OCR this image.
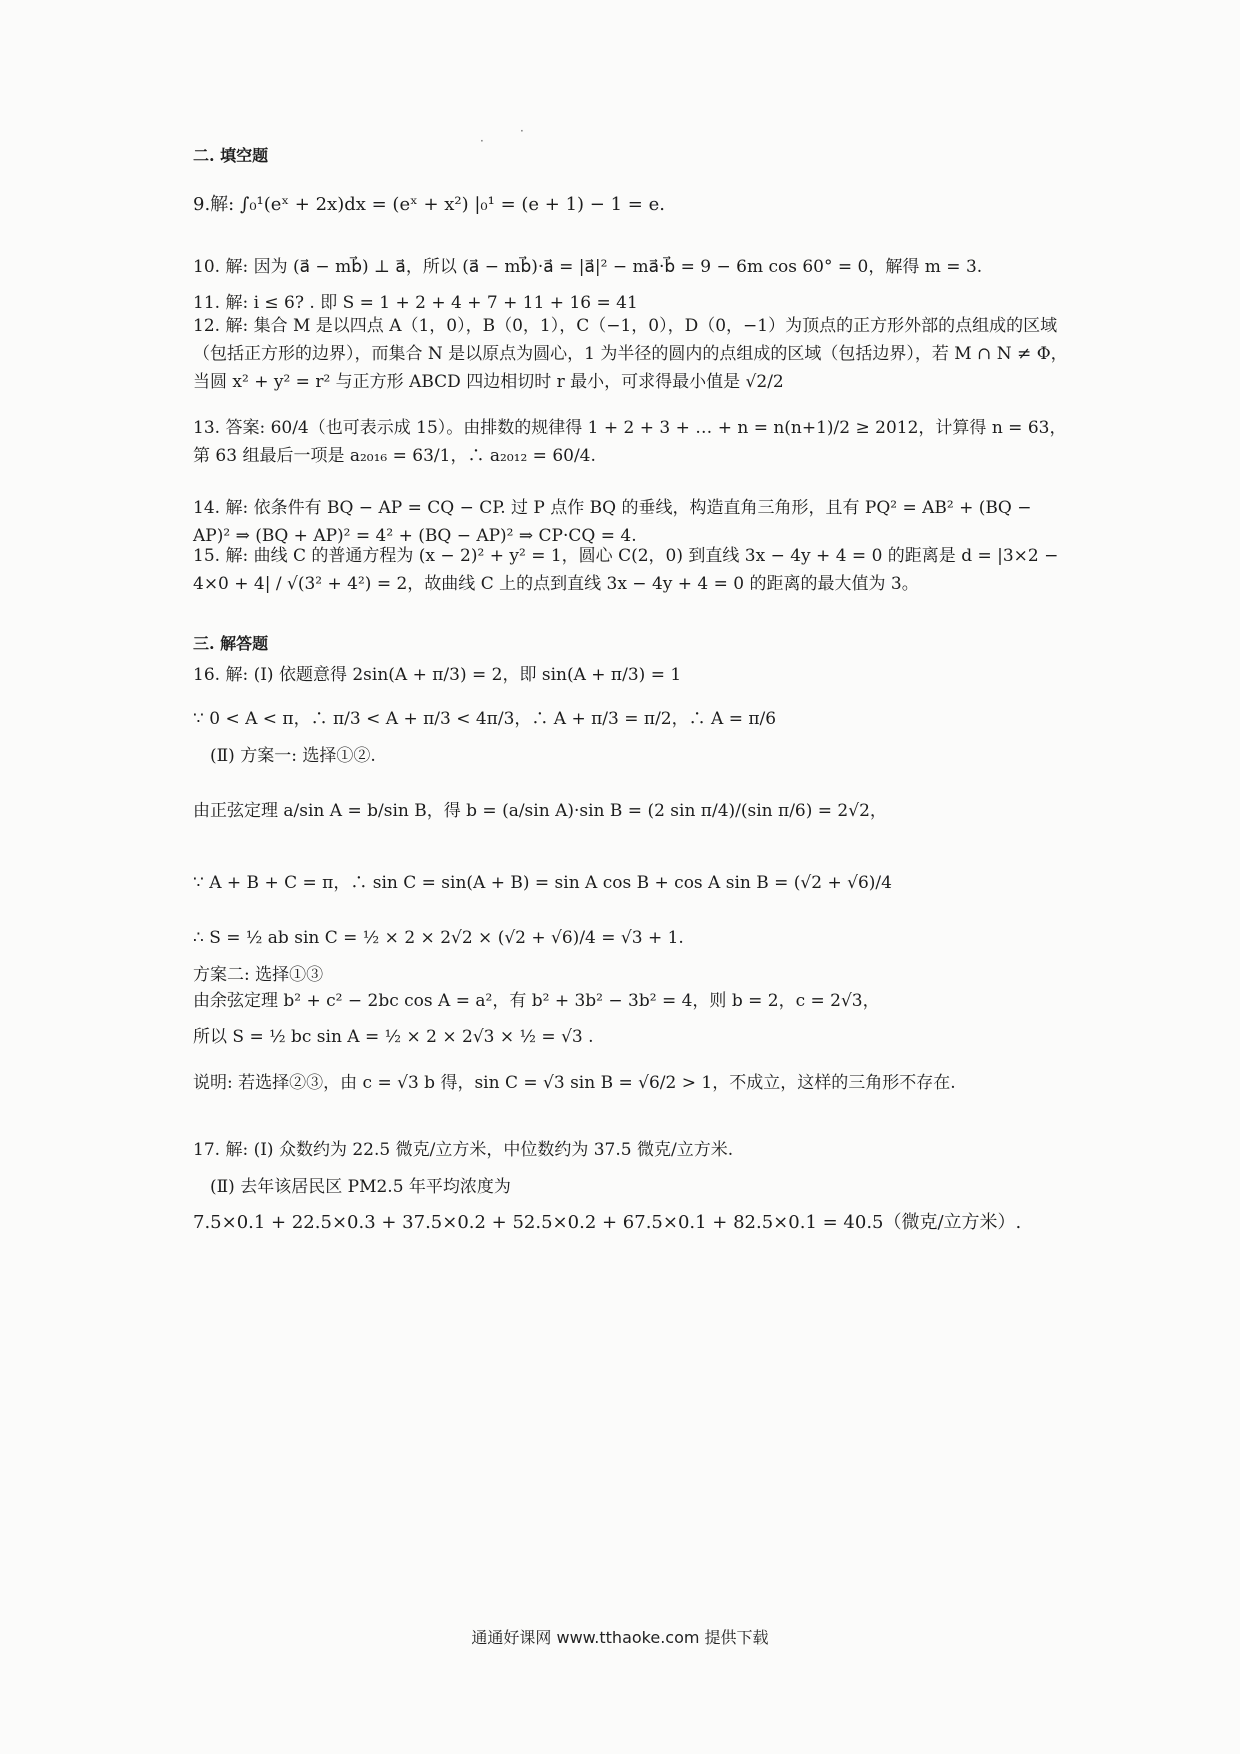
·
·
二. 填空题
9.解: ∫₀¹(eˣ + 2x)dx = (eˣ + x²) |₀¹ = (e + 1) − 1 = e.
10. 解: 因为 (a⃗ − mb⃗) ⊥ a⃗，所以 (a⃗ − mb⃗)·a⃗ = |a⃗|² − ma⃗·b⃗ = 9 − 6m cos 60° = 0，解得 m = 3.
11. 解: i ≤ 6? . 即 S = 1 + 2 + 4 + 7 + 11 + 16 = 41
12. 解: 集合 M 是以四点 A（1，0），B（0，1），C（−1，0），D（0，−1）为顶点的正方形外部的点组成的区域（包括正方形的边界），而集合 N 是以原点为圆心，1 为半径的圆内的点组成的区域（包括边界），若 M ∩ N ≠ Φ，当圆 x² + y² = r² 与正方形 ABCD 四边相切时 r 最小，可求得最小值是 √2/2
13. 答案: 60/4（也可表示成 15）。由排数的规律得 1 + 2 + 3 + … + n = n(n+1)/2 ≥ 2012，计算得 n = 63，第 63 组最后一项是 a₂₀₁₆ = 63/1，∴ a₂₀₁₂ = 60/4.
14. 解: 依条件有 BQ − AP = CQ − CP. 过 P 点作 BQ 的垂线，构造直角三角形，且有 PQ² = AB² + (BQ − AP)² ⇒ (BQ + AP)² = 4² + (BQ − AP)² ⇒ CP·CQ = 4.
15. 解: 曲线 C 的普通方程为 (x − 2)² + y² = 1，圆心 C(2，0) 到直线 3x − 4y + 4 = 0 的距离是 d = |3×2 − 4×0 + 4| / √(3² + 4²) = 2，故曲线 C 上的点到直线 3x − 4y + 4 = 0 的距离的最大值为 3。
三. 解答题
16. 解: (Ⅰ) 依题意得 2sin(A + π/3) = 2，即 sin(A + π/3) = 1
∵ 0 < A < π，∴ π/3 < A + π/3 < 4π/3，∴ A + π/3 = π/2，∴ A = π/6
(Ⅱ) 方案一: 选择①②.
由正弦定理 a/sin A = b/sin B，得 b = (a/sin A)·sin B = (2 sin π/4)/(sin π/6) = 2√2，
∵ A + B + C = π，∴ sin C = sin(A + B) = sin A cos B + cos A sin B = (√2 + √6)/4
∴ S = ½ ab sin C = ½ × 2 × 2√2 × (√2 + √6)/4 = √3 + 1.
方案二: 选择①③
由余弦定理 b² + c² − 2bc cos A = a²，有 b² + 3b² − 3b² = 4，则 b = 2，c = 2√3，
所以 S = ½ bc sin A = ½ × 2 × 2√3 × ½ = √3 .
说明: 若选择②③，由 c = √3 b 得，sin C = √3 sin B = √6/2 > 1，不成立，这样的三角形不存在.
17. 解: (Ⅰ) 众数约为 22.5 微克/立方米，中位数约为 37.5 微克/立方米.
(Ⅱ) 去年该居民区 PM2.5 年平均浓度为
7.5×0.1 + 22.5×0.3 + 37.5×0.2 + 52.5×0.2 + 67.5×0.1 + 82.5×0.1 = 40.5（微克/立方米）.
通通好课网 www.tthaoke.com 提供下载
